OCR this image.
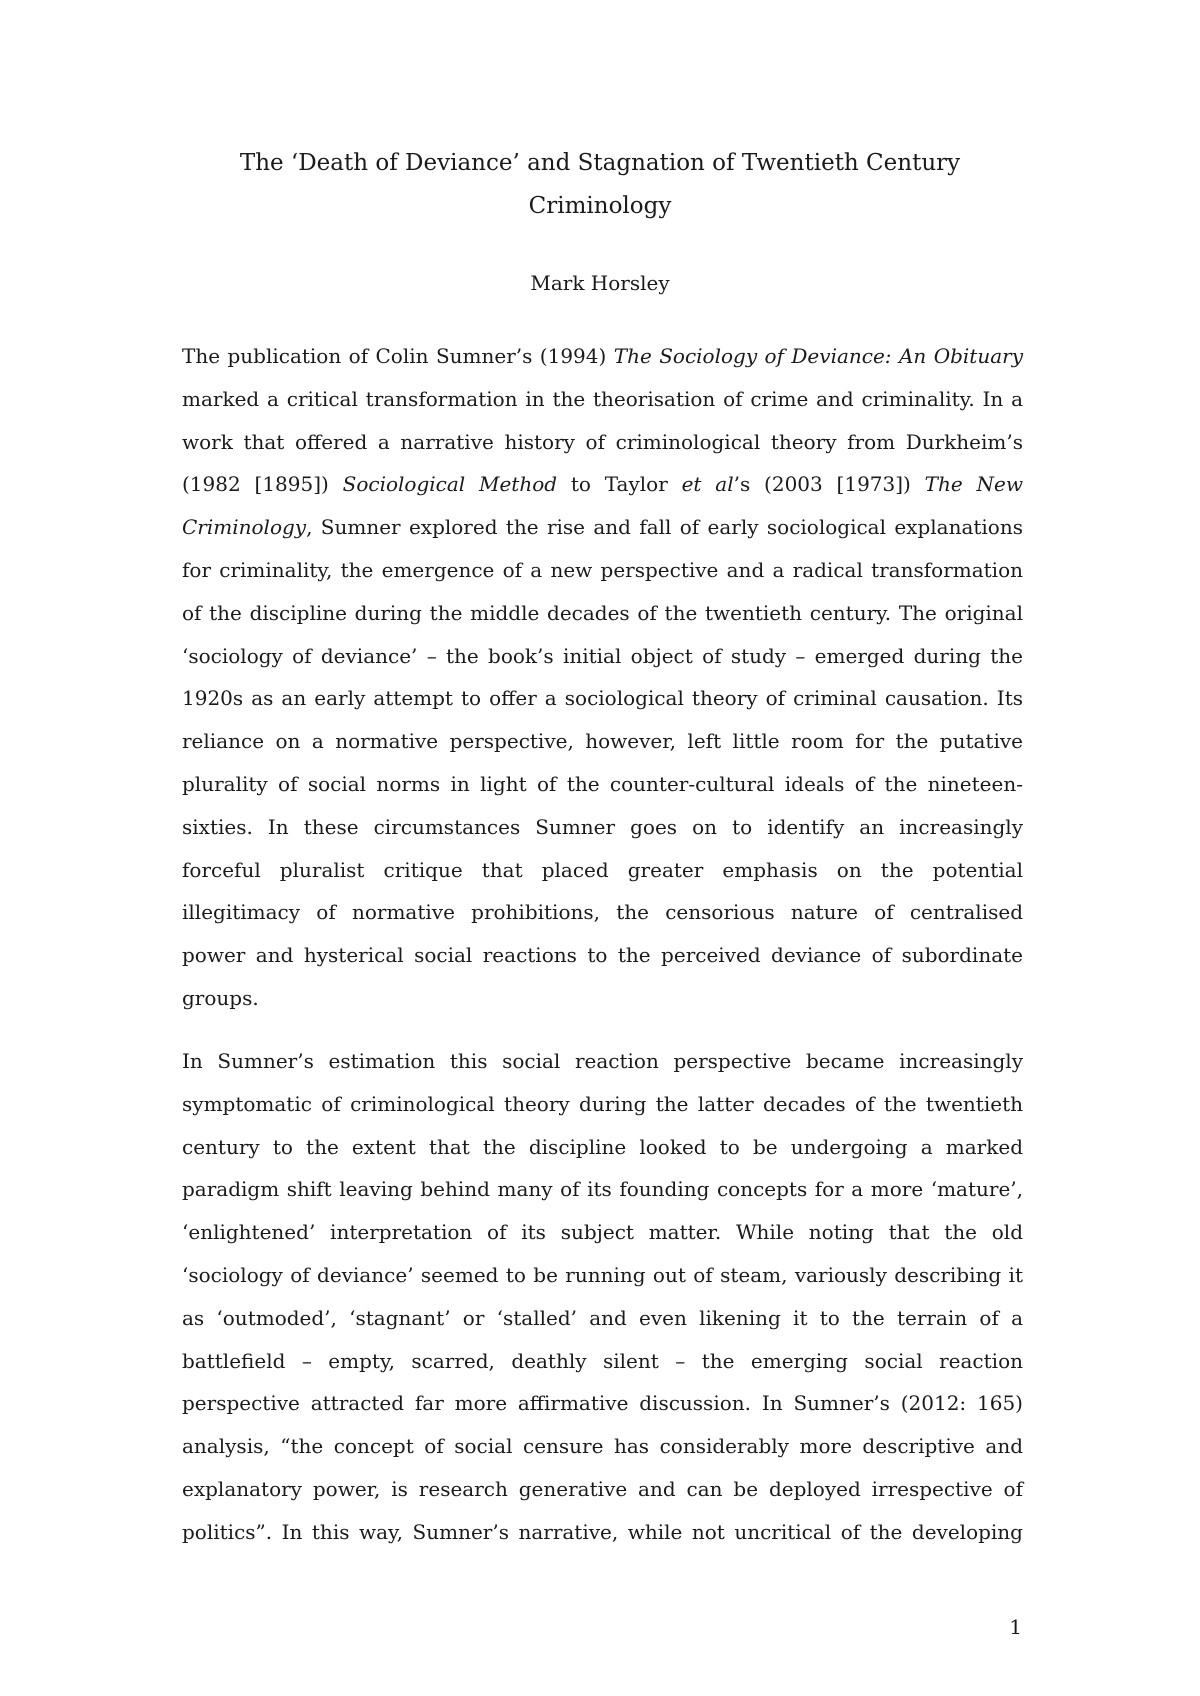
The ‘Death of Deviance’ and Stagnation of Twentieth Century
Criminology

Mark Horsley

The publication of Colin Sumner’s (1994) The Sociology of Deviance: An Obituary
marked a critical transformation in the theorisation of crime and criminality. In a
work that offered a narrative history of criminological theory from Durkheim’s
(1982 [1895]) Sociological Method to Taylor et al’s (2003 [1973]) The New
Criminology, Sumner explored the rise and fall of early sociological explanations
for criminality, the emergence of a new perspective and a radical transformation
of the discipline during the middle decades of the twentieth century. The original
‘sociology of deviance’ – the book’s initial object of study – emerged during the
1920s as an early attempt to offer a sociological theory of criminal causation. Its
reliance on a normative perspective, however, left little room for the putative
plurality of social norms in light of the counter-cultural ideals of the nineteen-
sixties. In these circumstances Sumner goes on to identify an increasingly
forceful pluralist critique that placed greater emphasis on the potential
illegitimacy of normative prohibitions, the censorious nature of centralised
power and hysterical social reactions to the perceived deviance of subordinate
groups.
In Sumner’s estimation this social reaction perspective became increasingly
symptomatic of criminological theory during the latter decades of the twentieth
century to the extent that the discipline looked to be undergoing a marked
paradigm shift leaving behind many of its founding concepts for a more ‘mature’,
‘enlightened’ interpretation of its subject matter. While noting that the old
‘sociology of deviance’ seemed to be running out of steam, variously describing it
as ‘outmoded’, ‘stagnant’ or ‘stalled’ and even likening it to the terrain of a
battlefield – empty, scarred, deathly silent – the emerging social reaction
perspective attracted far more affirmative discussion. In Sumner’s (2012: 165)
analysis, “the concept of social censure has considerably more descriptive and
explanatory power, is research generative and can be deployed irrespective of
politics”. In this way, Sumner’s narrative, while not uncritical of the developing
1
